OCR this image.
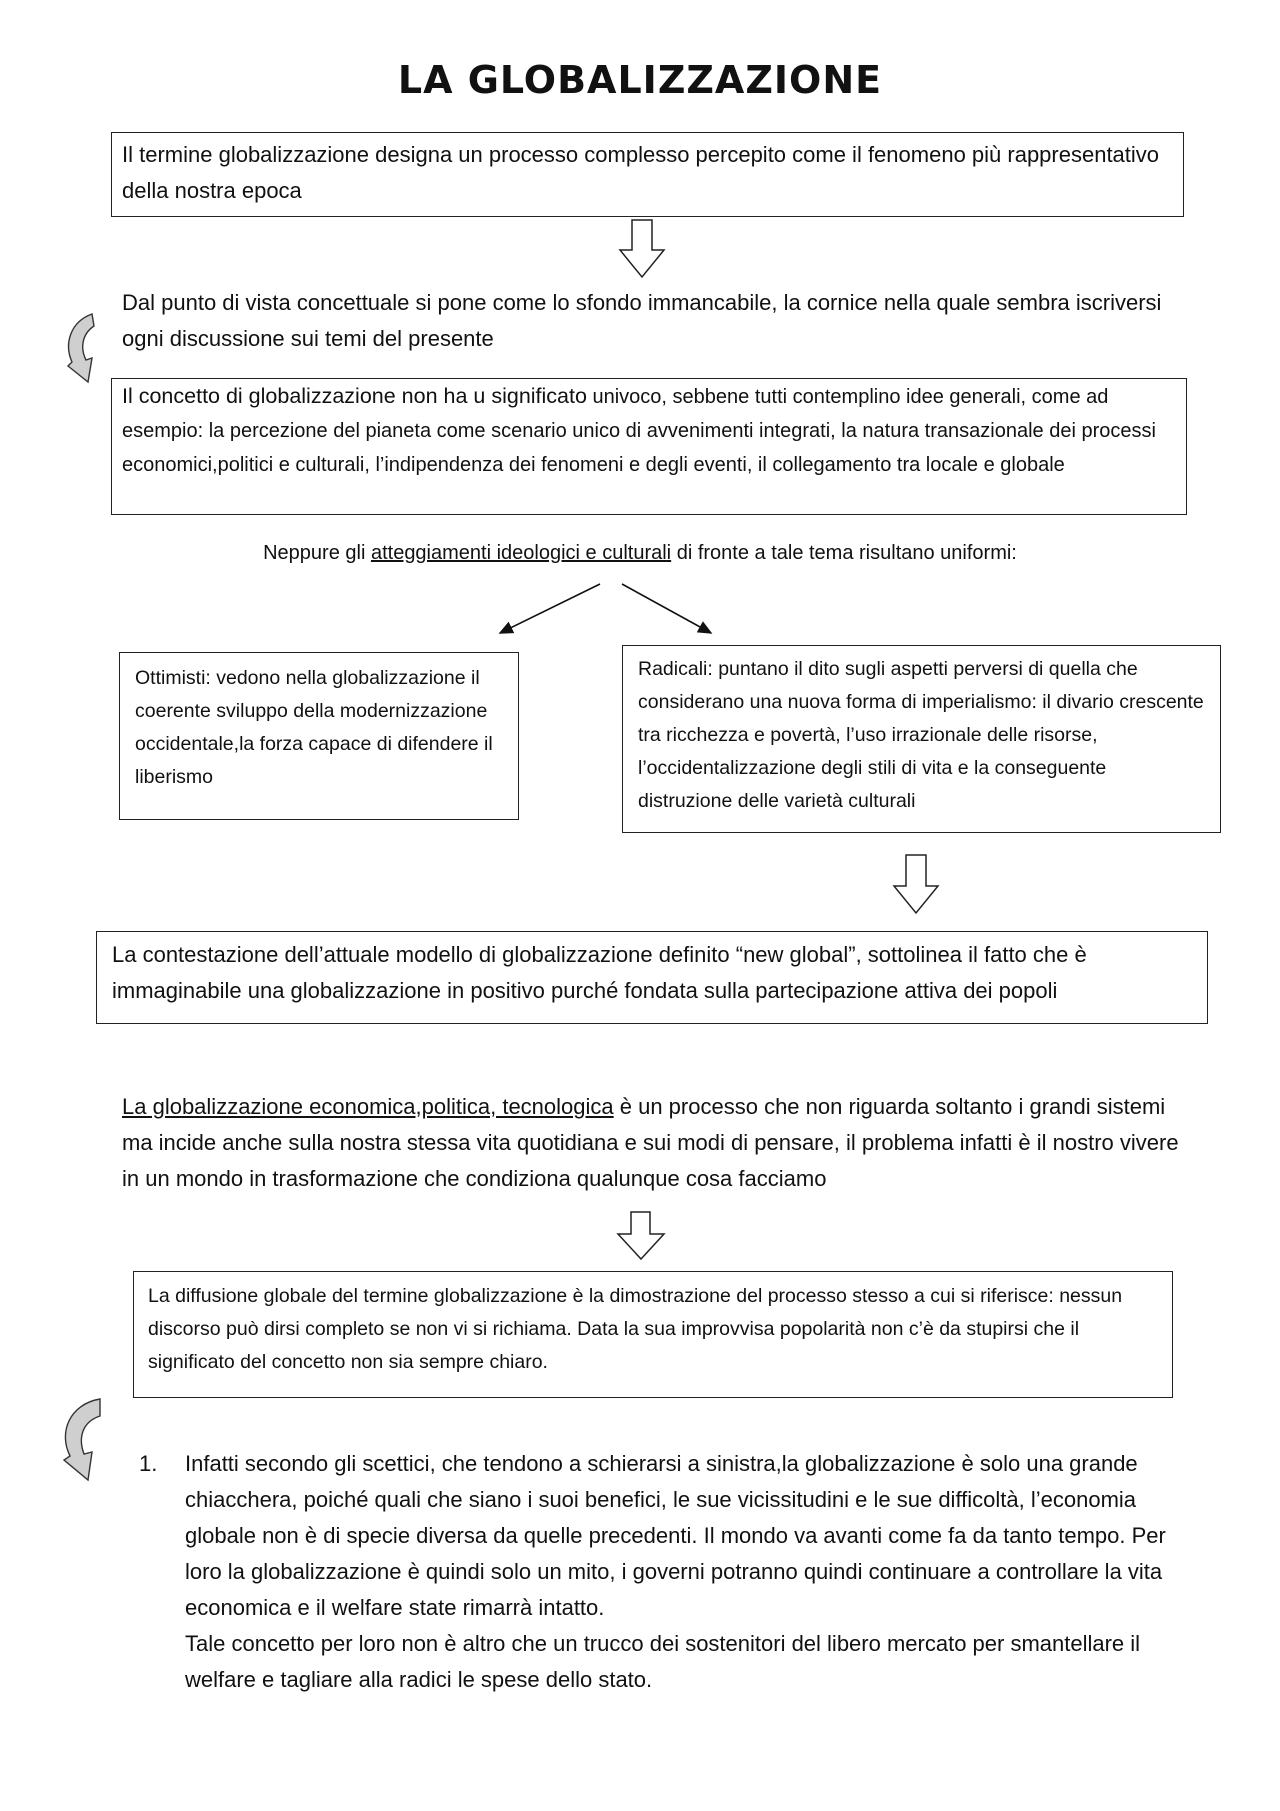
LA GLOBALIZZAZIONE
Il termine globalizzazione designa un processo complesso percepito come il fenomeno più rappresentativo della nostra epoca
Dal punto di vista concettuale si pone come lo sfondo immancabile, la cornice nella quale sembra iscriversi ogni discussione sui temi del presente
Il concetto di globalizzazione non ha u significato univoco, sebbene tutti contemplino idee generali, come ad esempio: la percezione del pianeta come scenario unico di avvenimenti integrati, la natura transazionale dei processi economici,politici e culturali, l’indipendenza dei fenomeni e degli eventi, il collegamento tra locale e globale
Neppure gli atteggiamenti ideologici e culturali di fronte a tale tema risultano uniformi:
Ottimisti: vedono nella globalizzazione il coerente sviluppo della modernizzazione occidentale,la forza capace di difendere il liberismo
Radicali: puntano il dito sugli aspetti perversi di quella che considerano una nuova forma di imperialismo: il divario crescente tra ricchezza e povertà, l’uso irrazionale delle risorse, l’occidentalizzazione degli stili di vita e la conseguente distruzione delle varietà culturali
La contestazione dell’attuale modello di globalizzazione definito “new global”, sottolinea il fatto che è immaginabile una globalizzazione in positivo purché fondata sulla partecipazione attiva dei popoli
La globalizzazione economica,politica, tecnologica è un processo che non riguarda soltanto i grandi sistemi ma incide anche sulla nostra stessa vita quotidiana e sui modi di pensare, il problema infatti è il nostro vivere in un mondo in trasformazione che condiziona qualunque cosa facciamo
La diffusione globale del termine globalizzazione è la dimostrazione del processo stesso a cui si riferisce: nessun discorso può dirsi completo se non vi si richiama. Data la sua improvvisa popolarità non c’è da stupirsi che il significato del concetto non sia sempre chiaro.
1. Infatti secondo gli scettici, che tendono a schierarsi a sinistra,la globalizzazione è solo una grande chiacchera, poiché quali che siano i suoi benefici, le sue vicissitudini e le sue difficoltà, l’economia globale non è di specie diversa da quelle precedenti. Il mondo va avanti come fa da tanto tempo. Per loro la globalizzazione è quindi solo un mito, i governi potranno quindi continuare a controllare la vita economica e il welfare state rimarrà intatto.
Tale concetto per loro non è altro che un trucco dei sostenitori del libero mercato per smantellare il welfare e tagliare alla radici le spese dello stato.
